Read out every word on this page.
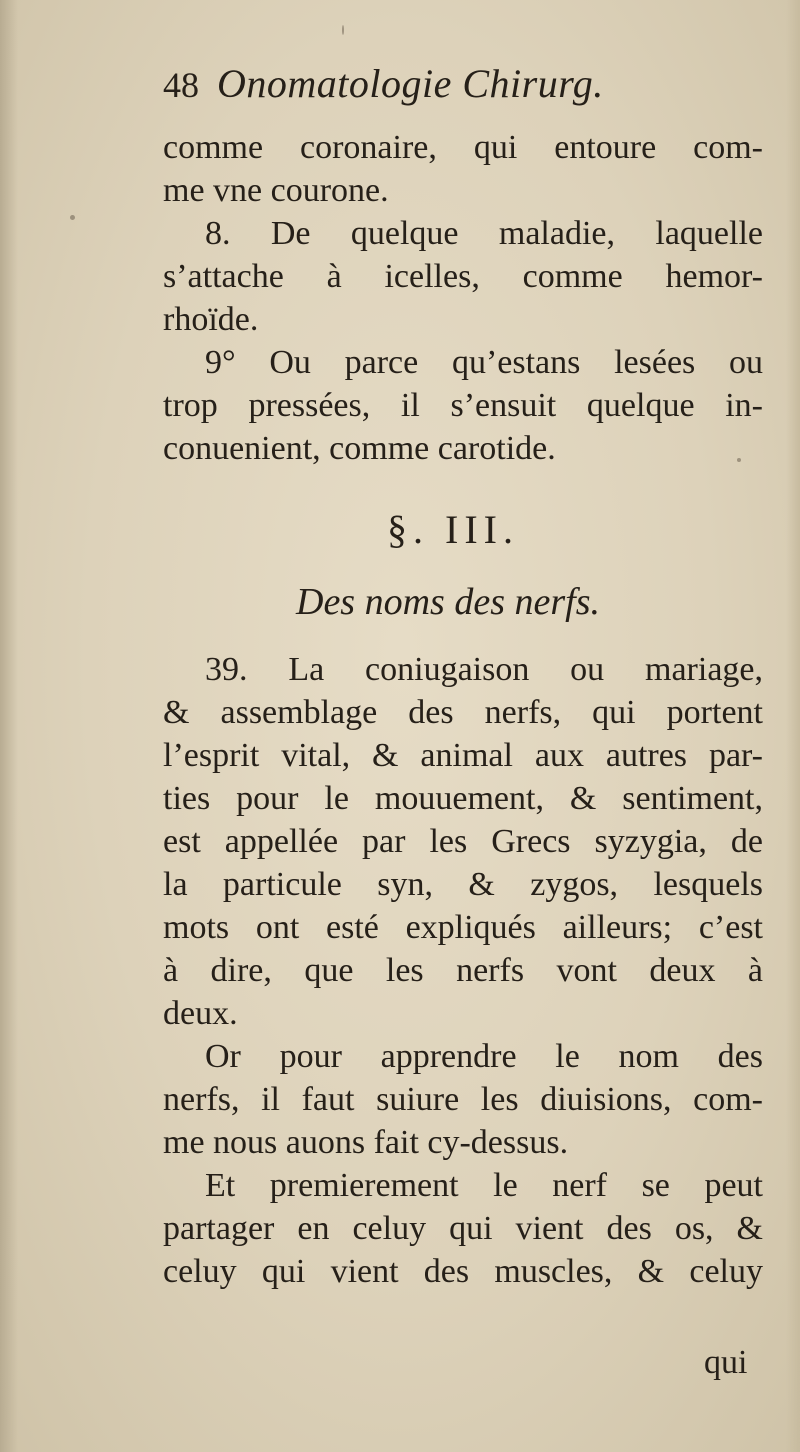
48 Onomatologie Chirurg.
comme coronaire, qui entoure com-
me vne courone.
8. De quelque maladie, laquelle
s’attache à icelles, comme hemor-
rhoïde.
9° Ou parce qu’estans lesées ou
trop pressées, il s’ensuit quelque in-
conuenient, comme carotide.
§. III.
Des noms des nerfs.
39. La coniugaison ou mariage,
& assemblage des nerfs, qui portent
l’esprit vital, & animal aux autres par-
ties pour le mouuement, & sentiment,
est appellée par les Grecs syzygia, de
la particule syn, & zygos, lesquels
mots ont esté expliqués ailleurs; c’est
à dire, que les nerfs vont deux à
deux.
Or pour apprendre le nom des
nerfs, il faut suiure les diuisions, com-
me nous auons fait cy-dessus.
Et premierement le nerf se peut
partager en celuy qui vient des os, &
celuy qui vient des muscles, & celuy
qui
